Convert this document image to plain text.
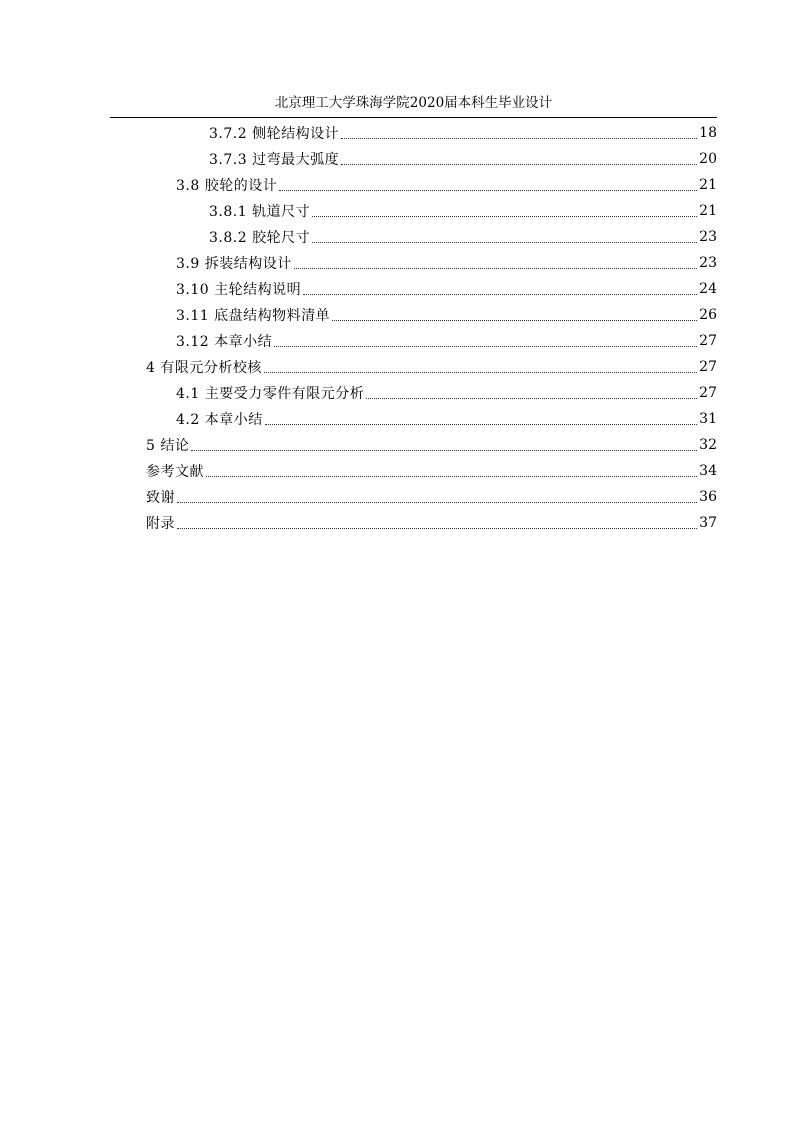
北京理工大学珠海学院2020届本科生毕业设计
3.7.2 侧轮结构设计	18
3.7.3 过弯最大弧度	20
3.8 胶轮的设计	21
3.8.1 轨道尺寸	21
3.8.2 胶轮尺寸	23
3.9 拆装结构设计	23
3.10 主轮结构说明	24
3.11 底盘结构物料清单	26
3.12 本章小结	27
4 有限元分析校核	27
4.1 主要受力零件有限元分析	27
4.2 本章小结	31
5 结论	32
参考文献	34
致谢	36
附录	37
